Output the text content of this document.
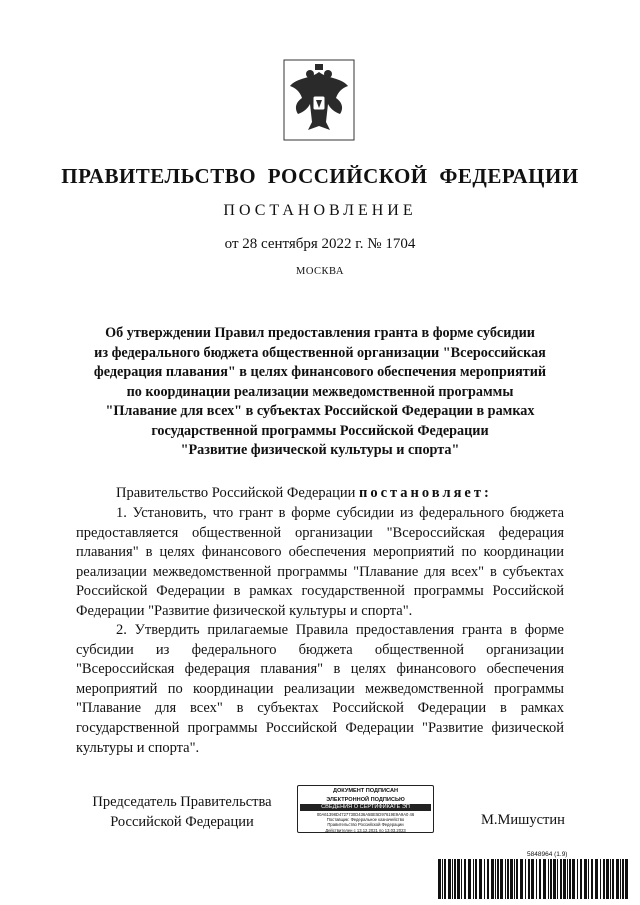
ПРАВИТЕЛЬСТВО РОССИЙСКОЙ ФЕДЕРАЦИИ
ПОСТАНОВЛЕНИЕ
от 28 сентября 2022 г. № 1704
МОСКВА
Об утверждении Правил предоставления гранта в форме субсидии
из федерального бюджета общественной организации "Всероссийская
федерация плавания" в целях финансового обеспечения мероприятий
по координации реализации межведомственной программы
"Плавание для всех" в субъектах Российской Федерации в рамках
государственной программы Российской Федерации
"Развитие физической культуры и спорта"
Правительство Российской Федерации постановляет:
1. Установить, что грант в форме субсидии из федерального бюджета
предоставляется общественной организации "Всероссийская федерация
плавания" в целях финансового обеспечения мероприятий по координации
реализации межведомственной программы "Плавание для всех" в субъектах
Российской Федерации в рамках государственной программы Российской
Федерации "Развитие физической культуры и спорта".
2. Утвердить прилагаемые Правила предоставления гранта в форме
субсидии из федерального бюджета общественной организации
"Всероссийская федерация плавания" в целях финансового обеспечения
мероприятий по координации реализации межведомственной программы
"Плавание для всех" в субъектах Российской Федерации в рамках
государственной программы Российской Федерации "Развитие физической
культуры и спорта".
Председатель Правительства
Российской Федерации
ДОКУМЕНТ ПОДПИСАН
ЭЛЕКТРОННОЙ ПОДПИСЬЮ
СВЕДЕНИЯ О СЕРТИФИКАТЕ ЭП
00A61398D4727730D436A5BE5D97619E9A9A0 46
Поставщик: Федеральное казначейство
Правительство Российской Федерации
Действителен с 13.12.2021 по 13.03.2023
М.Мишустин
5848964 (1.9)
